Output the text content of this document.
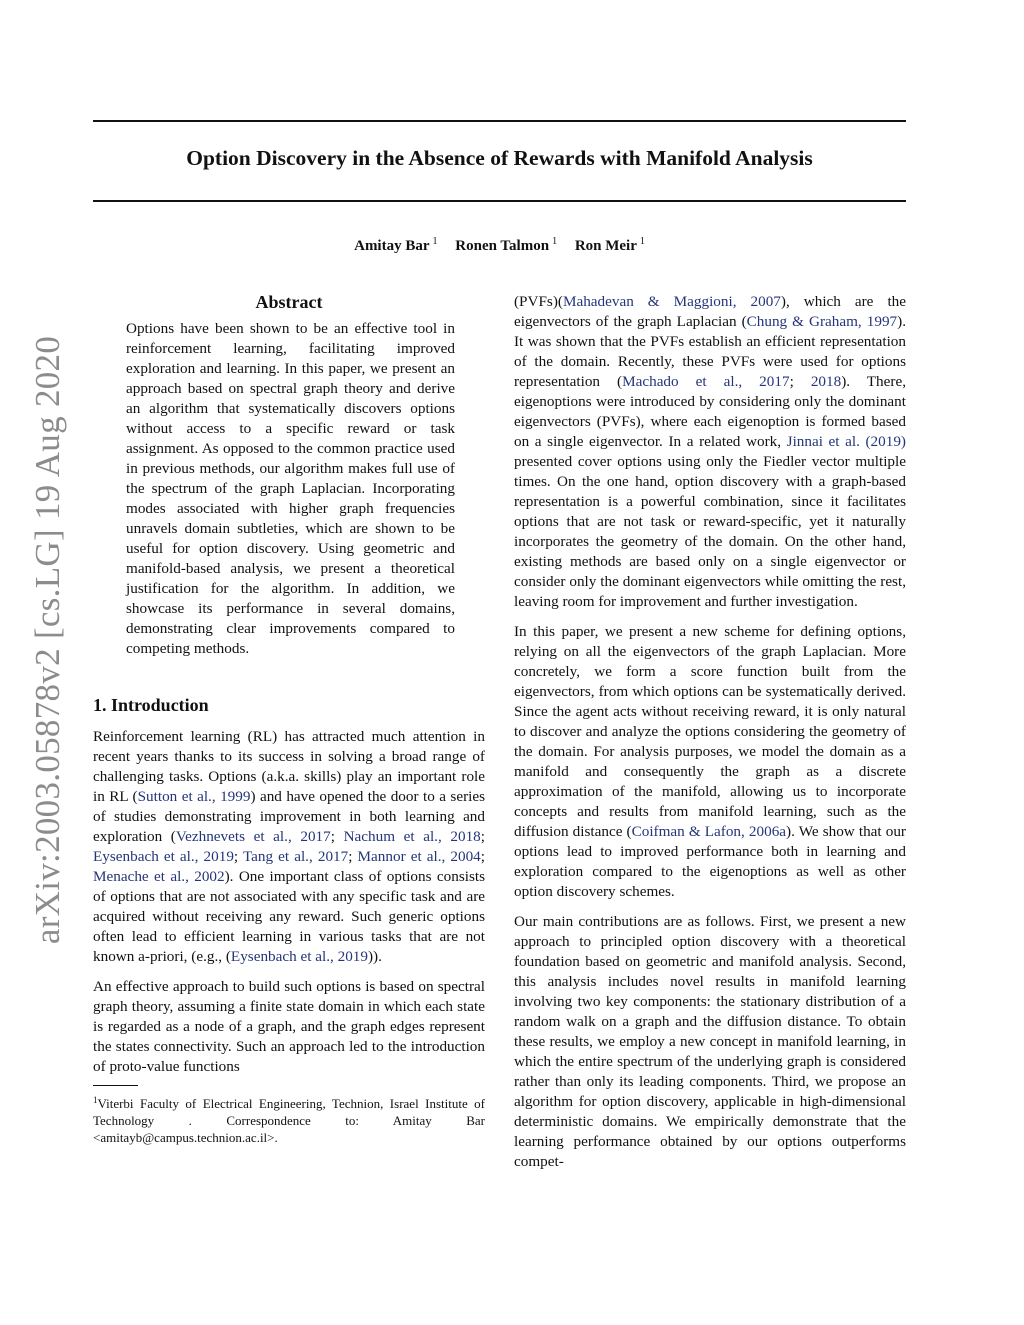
Option Discovery in the Absence of Rewards with Manifold Analysis
Amitay Bar $^1$ Ronen Talmon $^1$ Ron Meir $^1$
arXiv:2003.05878v2 [cs.LG] 19 Aug 2020
Abstract

Options have been shown to be an effective tool in reinforcement learning, facilitating improved exploration and learning. In this paper, we present an approach based on spectral graph theory and derive an algorithm that systematically discovers options without access to a specific reward or task assignment. As opposed to the common practice used in previous methods, our algorithm makes full use of the spectrum of the graph Laplacian. Incorporating modes associated with higher graph frequencies unravels domain subtleties, which are shown to be useful for option discovery. Using geometric and manifold-based analysis, we present a theoretical justification for the algorithm. In addition, we showcase its performance in several domains, demonstrating clear improvements compared to competing methods.

1. Introduction

Reinforcement learning (RL) has attracted much attention in recent years thanks to its success in solving a broad range of challenging tasks. Options (a.k.a. skills) play an important role in RL (Sutton et al., 1999) and have opened the door to a series of studies demonstrating improvement in both learning and exploration (Vezhnevets et al., 2017; Nachum et al., 2018; Eysenbach et al., 2019; Tang et al., 2017; Mannor et al., 2004; Menache et al., 2002). One important class of options consists of options that are not associated with any specific task and are acquired without receiving any reward. Such generic options often lead to efficient learning in various tasks that are not known a-priori, (e.g., (Eysenbach et al., 2019)).

An effective approach to build such options is based on spectral graph theory, assuming a finite state domain in which each state is regarded as a node of a graph, and the graph edges represent the states connectivity. Such an approach led to the introduction of proto-value functions

$^1$Viterbi Faculty of Electrical Engineering, Technion, Israel Institute of Technology . Correspondence to: Amitay Bar <amitayb@campus.technion.ac.il>.

(PVFs)(Mahadevan & Maggioni, 2007), which are the eigenvectors of the graph Laplacian (Chung & Graham, 1997). It was shown that the PVFs establish an efficient representation of the domain. Recently, these PVFs were used for options representation (Machado et al., 2017; 2018). There, eigenoptions were introduced by considering only the dominant eigenvectors (PVFs), where each eigenoption is formed based on a single eigenvector. In a related work, Jinnai et al. (2019) presented cover options using only the Fiedler vector multiple times. On the one hand, option discovery with a graph-based representation is a powerful combination, since it facilitates options that are not task or reward-specific, yet it naturally incorporates the geometry of the domain. On the other hand, existing methods are based only on a single eigenvector or consider only the dominant eigenvectors while omitting the rest, leaving room for improvement and further investigation.

In this paper, we present a new scheme for defining options, relying on all the eigenvectors of the graph Laplacian. More concretely, we form a score function built from the eigenvectors, from which options can be systematically derived. Since the agent acts without receiving reward, it is only natural to discover and analyze the options considering the geometry of the domain. For analysis purposes, we model the domain as a manifold and consequently the graph as a discrete approximation of the manifold, allowing us to incorporate concepts and results from manifold learning, such as the diffusion distance (Coifman & Lafon, 2006a). We show that our options lead to improved performance both in learning and exploration compared to the eigenoptions as well as other option discovery schemes.

Our main contributions are as follows. First, we present a new approach to principled option discovery with a theoretical foundation based on geometric and manifold analysis. Second, this analysis includes novel results in manifold learning involving two key components: the stationary distribution of a random walk on a graph and the diffusion distance. To obtain these results, we employ a new concept in manifold learning, in which the entire spectrum of the underlying graph is considered rather than only its leading components. Third, we propose an algorithm for option discovery, applicable in high-dimensional deterministic domains. We empirically demonstrate that the learning performance obtained by our options outperforms compet-
